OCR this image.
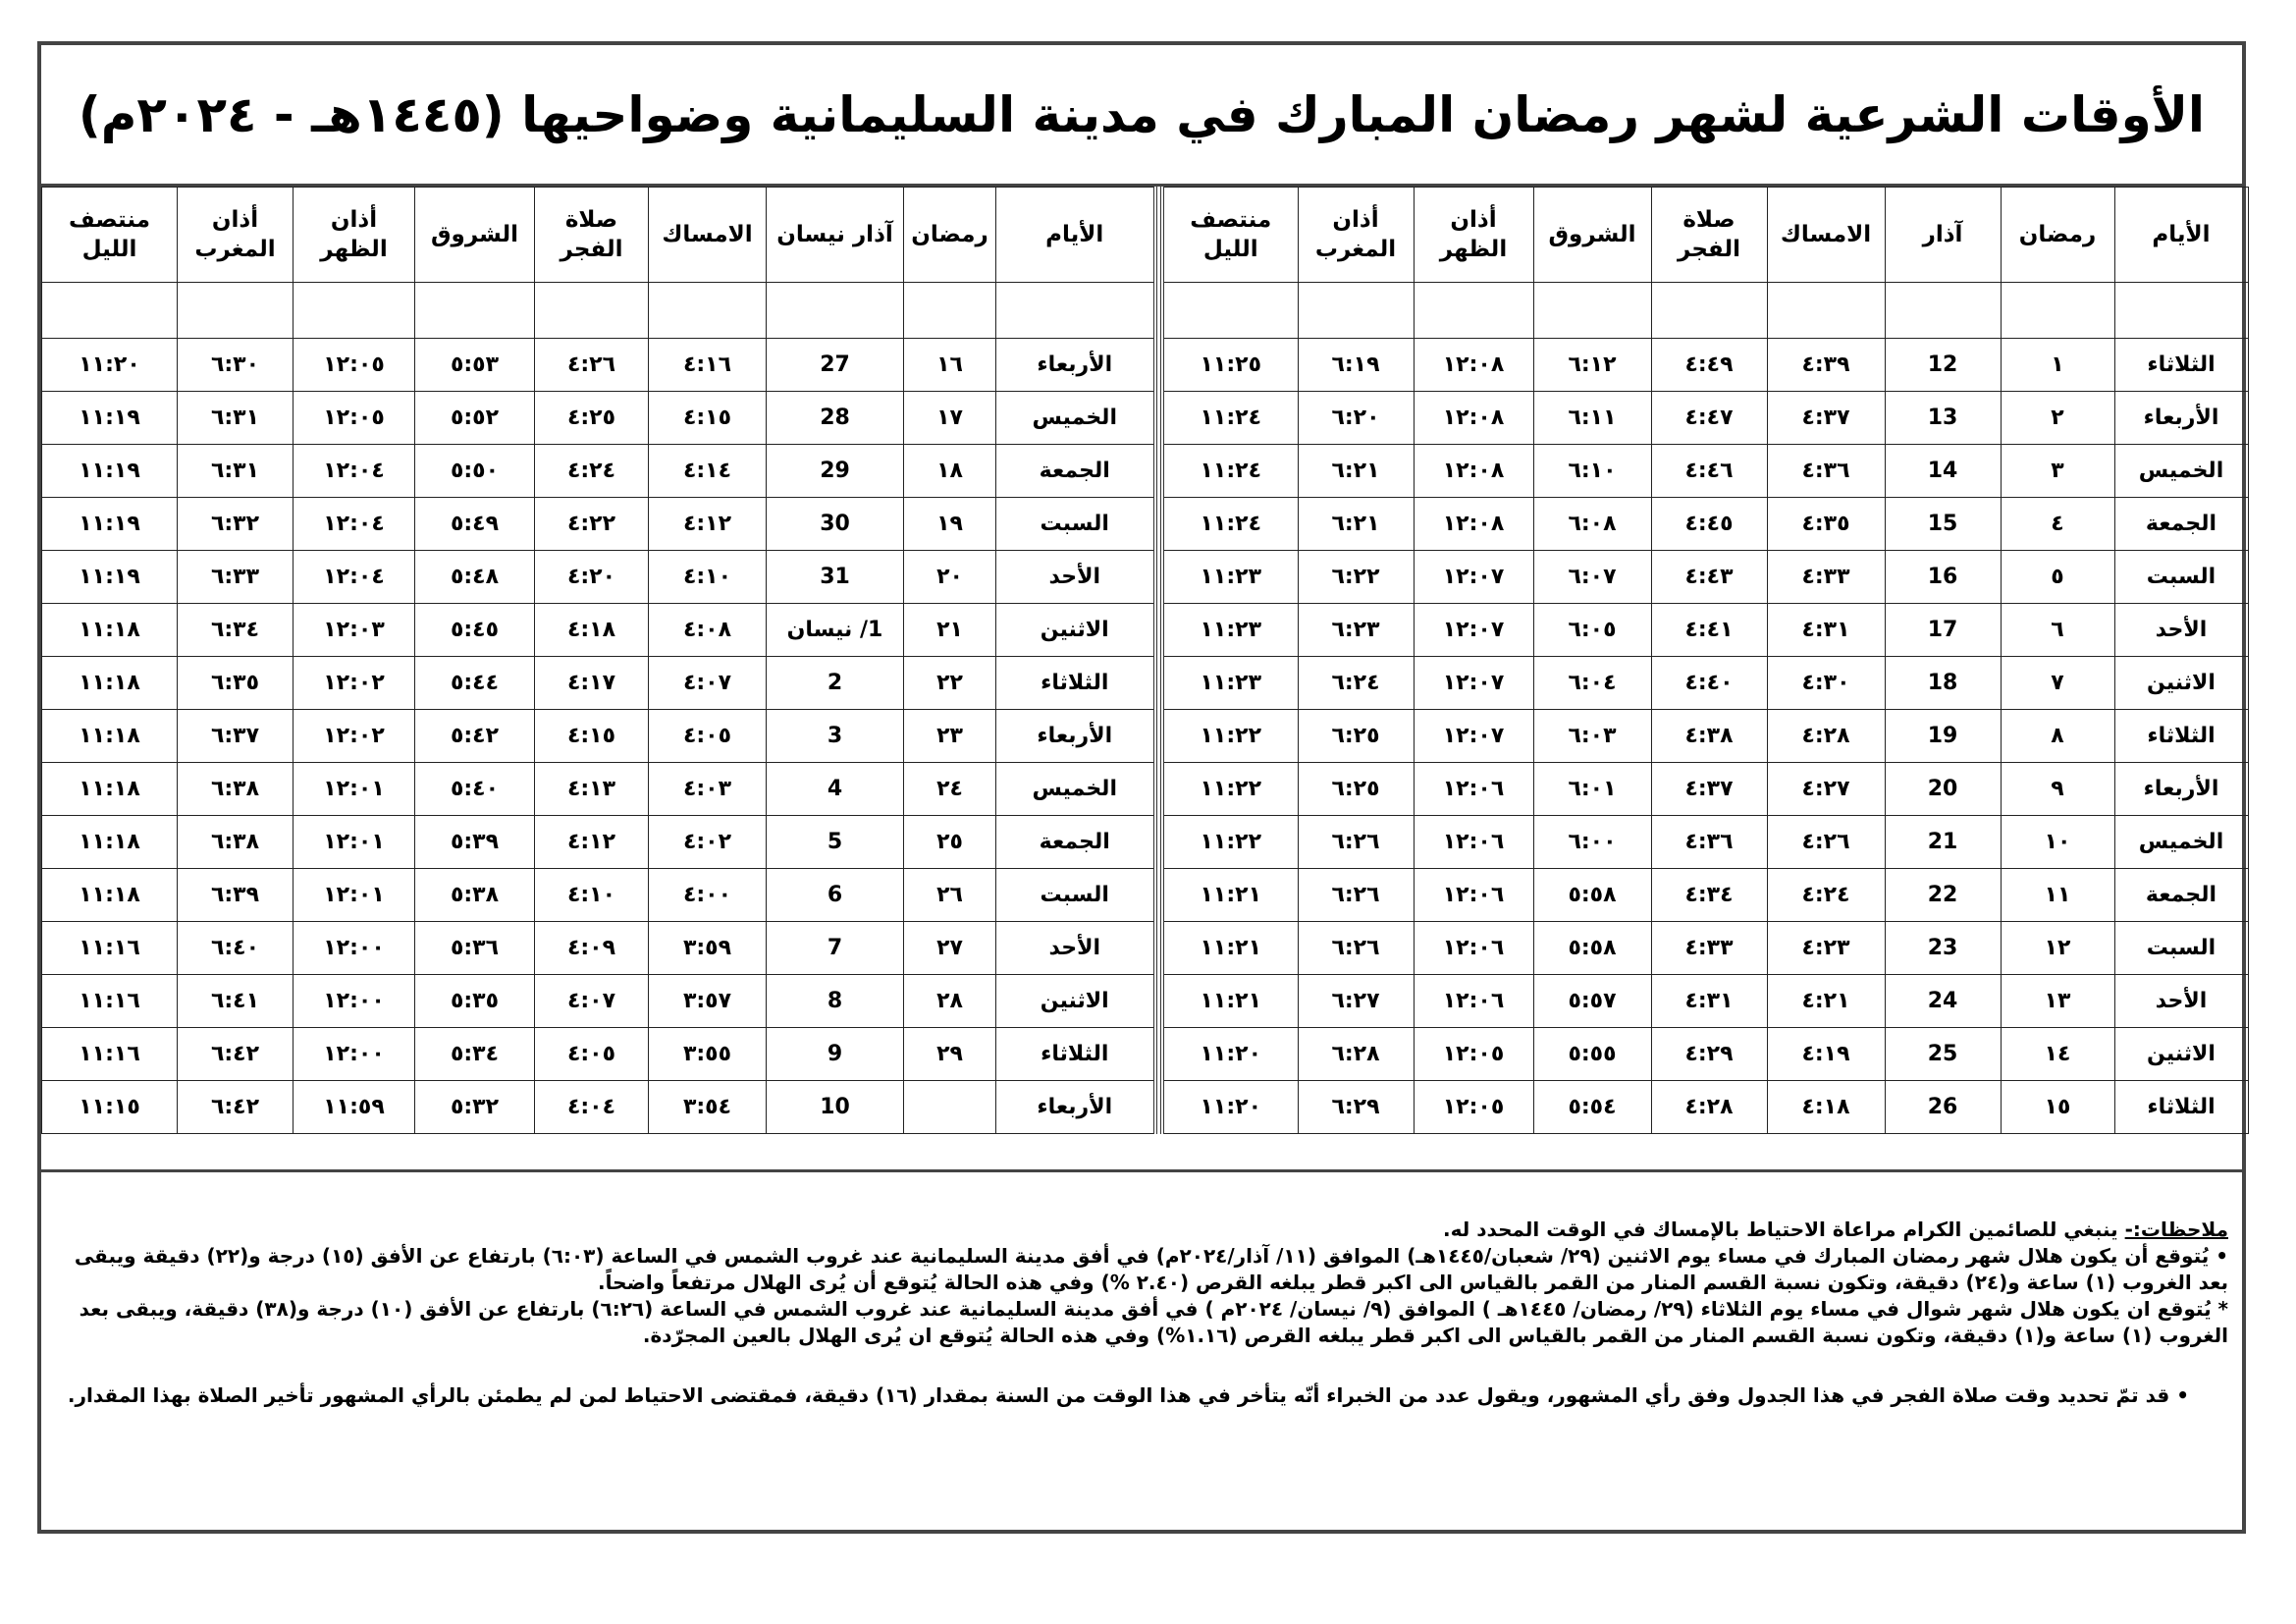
الأوقات الشرعية لشهر رمضان المبارك في مدينة السليمانية وضواحيها (١٤٤٥هـ - ٢٠٢٤م)
الأيام	رمضان	آذار	الامساك	صلاة الفجر	الشروق	أذان الظهر	أذان المغرب	منتصف الليل

الثلاثاء	١	12	٤:٣٩	٤:٤٩	٦:١٢	١٢:٠٨	٦:١٩	١١:٢٥
الأربعاء	٢	13	٤:٣٧	٤:٤٧	٦:١١	١٢:٠٨	٦:٢٠	١١:٢٤
الخميس	٣	14	٤:٣٦	٤:٤٦	٦:١٠	١٢:٠٨	٦:٢١	١١:٢٤
الجمعة	٤	15	٤:٣٥	٤:٤٥	٦:٠٨	١٢:٠٨	٦:٢١	١١:٢٤
السبت	٥	16	٤:٣٣	٤:٤٣	٦:٠٧	١٢:٠٧	٦:٢٢	١١:٢٣
الأحد	٦	17	٤:٣١	٤:٤١	٦:٠٥	١٢:٠٧	٦:٢٣	١١:٢٣
الاثنين	٧	18	٤:٣٠	٤:٤٠	٦:٠٤	١٢:٠٧	٦:٢٤	١١:٢٣
الثلاثاء	٨	19	٤:٢٨	٤:٣٨	٦:٠٣	١٢:٠٧	٦:٢٥	١١:٢٢
الأربعاء	٩	20	٤:٢٧	٤:٣٧	٦:٠١	١٢:٠٦	٦:٢٥	١١:٢٢
الخميس	١٠	21	٤:٢٦	٤:٣٦	٦:٠٠	١٢:٠٦	٦:٢٦	١١:٢٢
الجمعة	١١	22	٤:٢٤	٤:٣٤	٥:٥٨	١٢:٠٦	٦:٢٦	١١:٢١
السبت	١٢	23	٤:٢٣	٤:٣٣	٥:٥٨	١٢:٠٦	٦:٢٦	١١:٢١
الأحد	١٣	24	٤:٢١	٤:٣١	٥:٥٧	١٢:٠٦	٦:٢٧	١١:٢١
الاثنين	١٤	25	٤:١٩	٤:٢٩	٥:٥٥	١٢:٠٥	٦:٢٨	١١:٢٠
الثلاثاء	١٥	26	٤:١٨	٤:٢٨	٥:٥٤	١٢:٠٥	٦:٢٩	١١:٢٠
الأيام	رمضان	آذار نيسان	الامساك	صلاة الفجر	الشروق	أذان الظهر	أذان المغرب	منتصف الليل

الأربعاء	١٦	27	٤:١٦	٤:٢٦	٥:٥٣	١٢:٠٥	٦:٣٠	١١:٢٠
الخميس	١٧	28	٤:١٥	٤:٢٥	٥:٥٢	١٢:٠٥	٦:٣١	١١:١٩
الجمعة	١٨	29	٤:١٤	٤:٢٤	٥:٥٠	١٢:٠٤	٦:٣١	١١:١٩
السبت	١٩	30	٤:١٢	٤:٢٢	٥:٤٩	١٢:٠٤	٦:٣٢	١١:١٩
الأحد	٢٠	31	٤:١٠	٤:٢٠	٥:٤٨	١٢:٠٤	٦:٣٣	١١:١٩
الاثنين	٢١	1/ نيسان	٤:٠٨	٤:١٨	٥:٤٥	١٢:٠٣	٦:٣٤	١١:١٨
الثلاثاء	٢٢	2	٤:٠٧	٤:١٧	٥:٤٤	١٢:٠٢	٦:٣٥	١١:١٨
الأربعاء	٢٣	3	٤:٠٥	٤:١٥	٥:٤٢	١٢:٠٢	٦:٣٧	١١:١٨
الخميس	٢٤	4	٤:٠٣	٤:١٣	٥:٤٠	١٢:٠١	٦:٣٨	١١:١٨
الجمعة	٢٥	5	٤:٠٢	٤:١٢	٥:٣٩	١٢:٠١	٦:٣٨	١١:١٨
السبت	٢٦	6	٤:٠٠	٤:١٠	٥:٣٨	١٢:٠١	٦:٣٩	١١:١٨
الأحد	٢٧	7	٣:٥٩	٤:٠٩	٥:٣٦	١٢:٠٠	٦:٤٠	١١:١٦
الاثنين	٢٨	8	٣:٥٧	٤:٠٧	٥:٣٥	١٢:٠٠	٦:٤١	١١:١٦
الثلاثاء	٢٩	9	٣:٥٥	٤:٠٥	٥:٣٤	١٢:٠٠	٦:٤٢	١١:١٦
الأربعاء		10	٣:٥٤	٤:٠٤	٥:٣٢	١١:٥٩	٦:٤٢	١١:١٥

ملاحظات:- ينبغي للصائمين الكرام مراعاة الاحتياط بالإمساك في الوقت المحدد له.

• يُتوقع أن يكون هلال شهر رمضان المبارك في مساء يوم الاثنين (٢٩/ شعبان/١٤٤٥هـ) الموافق (١١/ آذار/٢٠٢٤م) في أفق مدينة السليمانية عند غروب الشمس في الساعة (٦:٠٣) بارتفاع عن الأفق (١٥) درجة و(٢٢) دقيقة ويبقى بعد الغروب (١) ساعة و(٢٤) دقيقة، وتكون نسبة القسم المنار من القمر بالقياس الى اكبر قطر يبلغه القرص (٢.٤٠ %) وفي هذه الحالة يُتوقع أن يُرى الهلال مرتفعاً واضحاً.

* يُتوقع ان يكون هلال شهر شوال في مساء يوم الثلاثاء (٢٩/ رمضان/ ١٤٤٥هـ ) الموافق (٩/ نيسان/ ٢٠٢٤م ) في أفق مدينة السليمانية عند غروب الشمس في الساعة (٦:٢٦) بارتفاع عن الأفق (١٠) درجة و(٣٨) دقيقة، ويبقى بعد الغروب (١) ساعة و(١) دقيقة، وتكون نسبة القسم المنار من القمر بالقياس الى اكبر قطر يبلغه القرص (١.١٦%) وفي هذه الحالة يُتوقع ان يُرى الهلال بالعين المجرّدة.

• قد تمّ تحديد وقت صلاة الفجر في هذا الجدول وفق رأي المشهور، ويقول عدد من الخبراء أنّه يتأخر في هذا الوقت من السنة بمقدار (١٦) دقيقة، فمقتضى الاحتياط لمن لم يطمئن بالرأي المشهور تأخير الصلاة بهذا المقدار.
